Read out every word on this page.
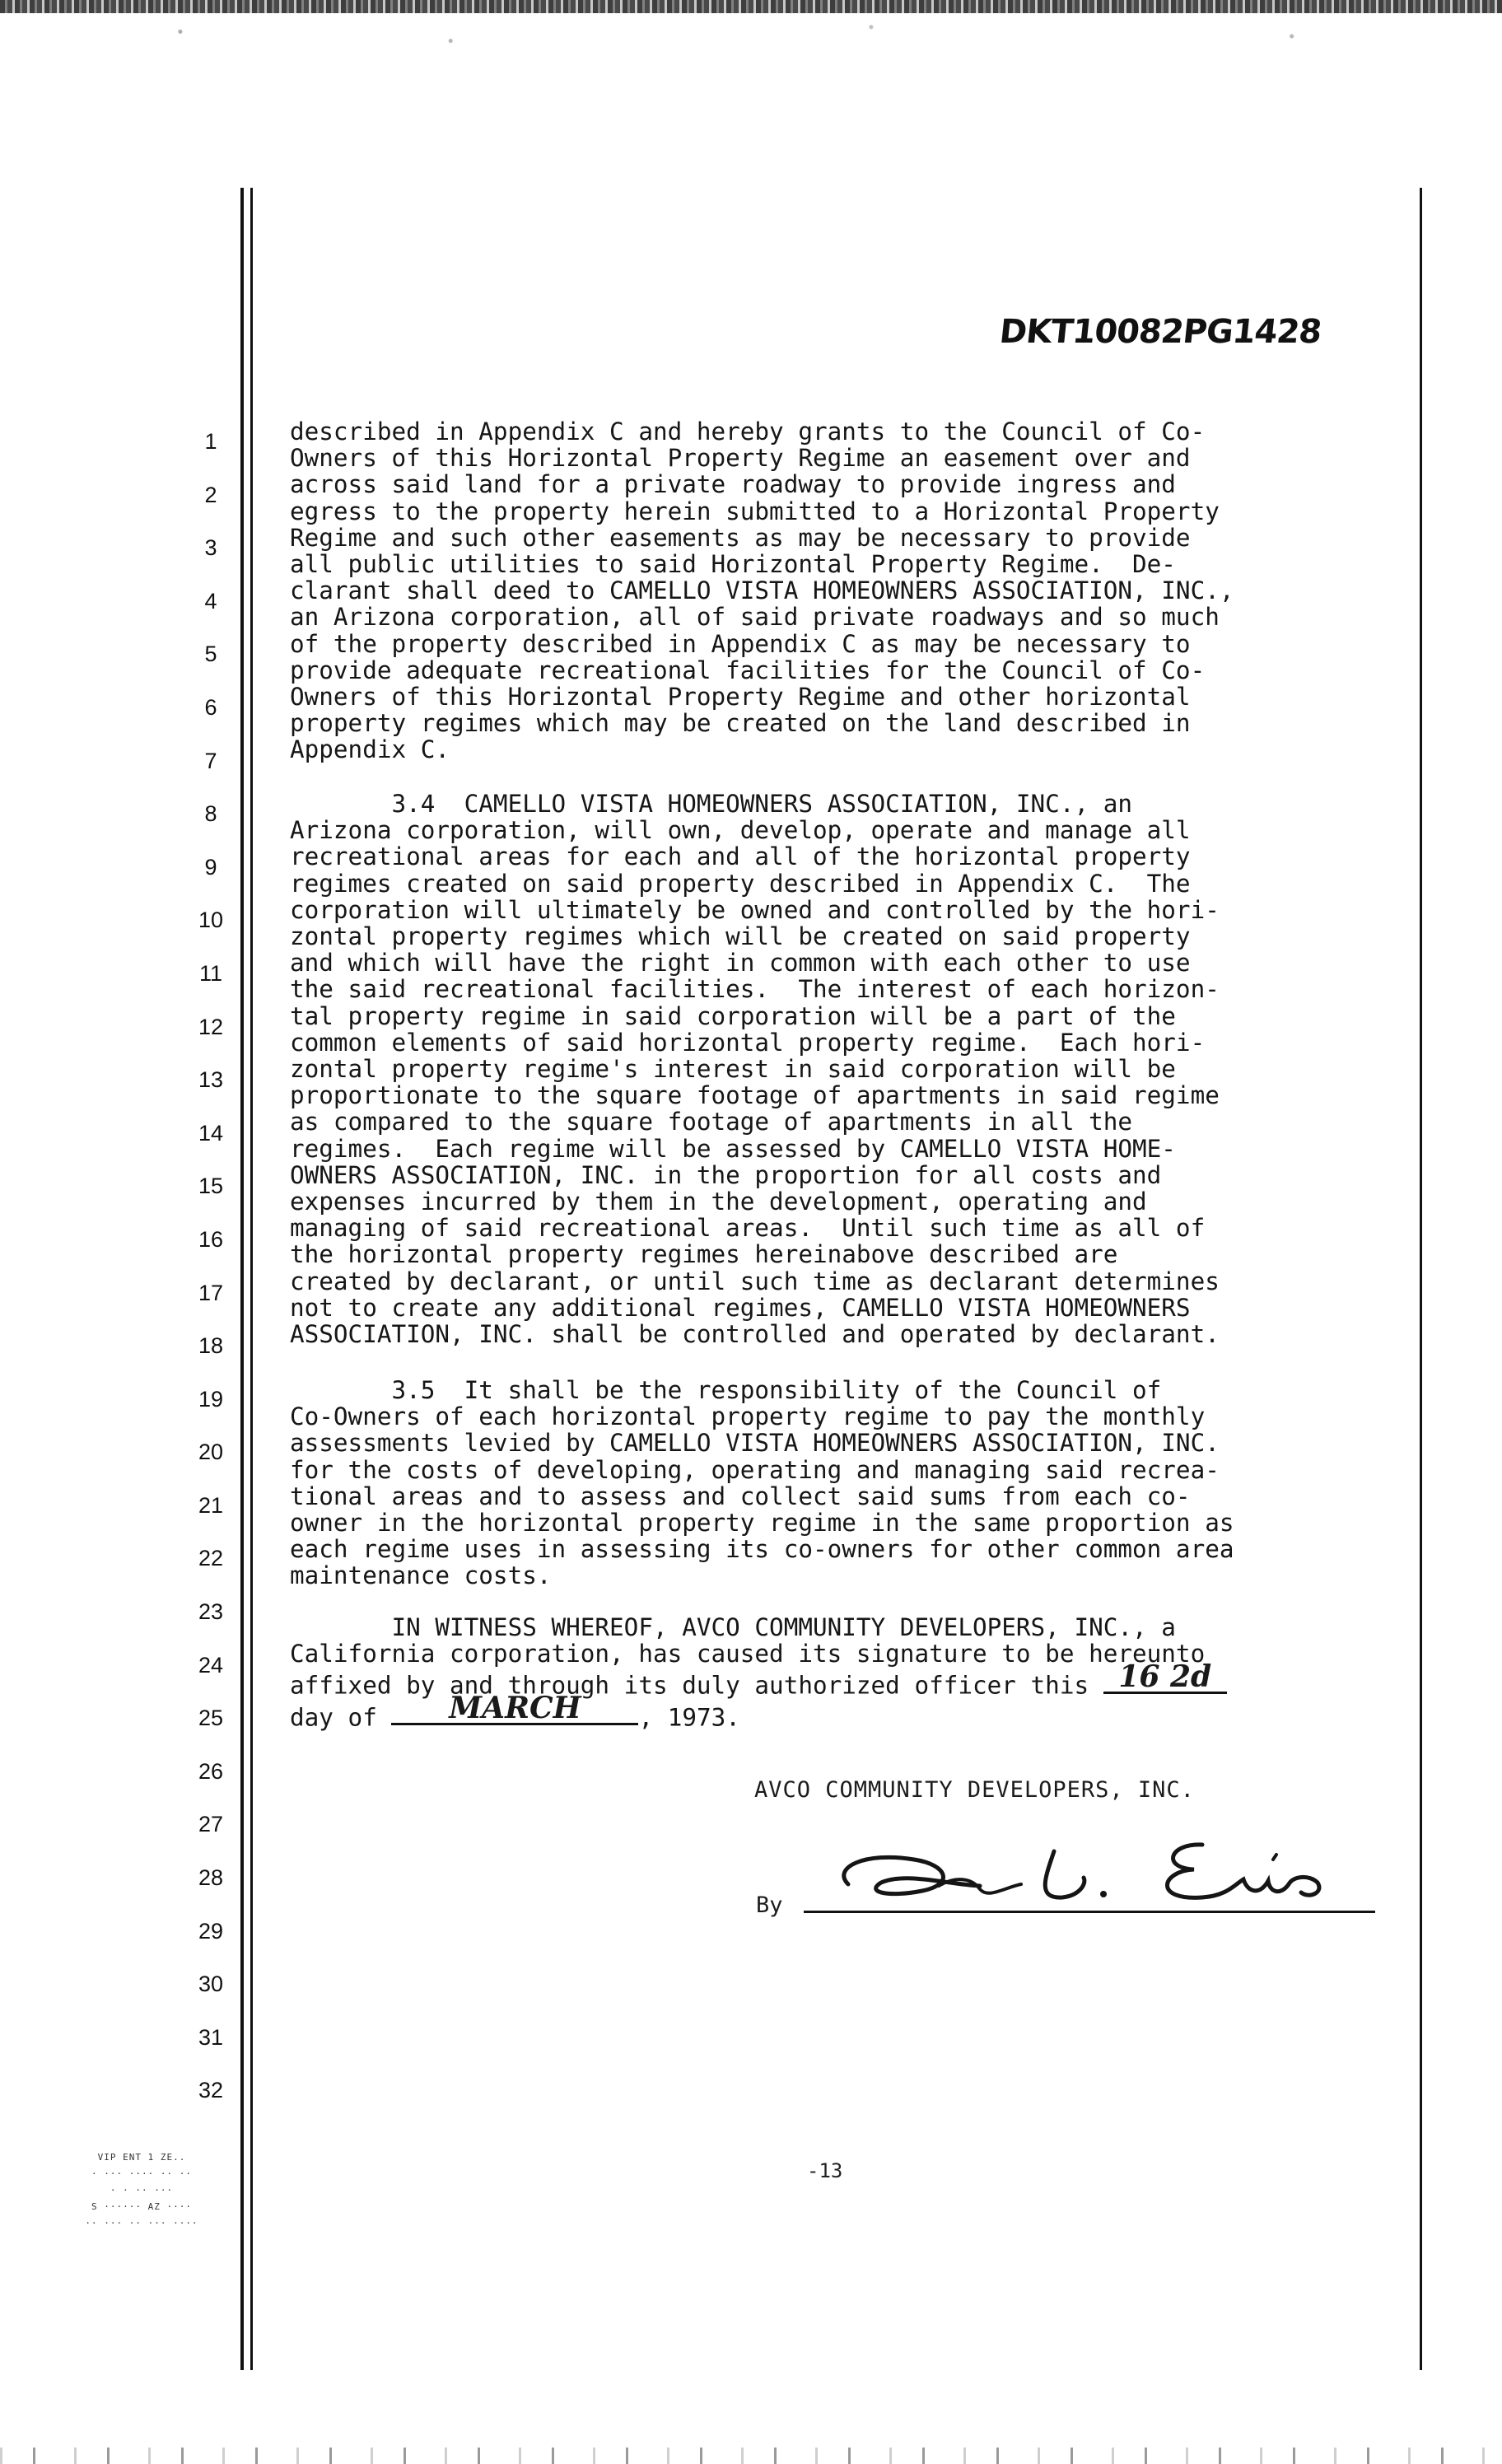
DKT10082PG1428
1
2
3
4
5
6
7
8
9
10
11
12
13
14
15
16
17
18
19
20
21
22
23
24
25
26
27
28
29
30
31
32
described in Appendix C and hereby grants to the Council of Co-
Owners of this Horizontal Property Regime an easement over and
across said land for a private roadway to provide ingress and
egress to the property herein submitted to a Horizontal Property
Regime and such other easements as may be necessary to provide
all public utilities to said Horizontal Property Regime.  De-
clarant shall deed to CAMELLO VISTA HOMEOWNERS ASSOCIATION, INC.,
an Arizona corporation, all of said private roadways and so much
of the property described in Appendix C as may be necessary to
provide adequate recreational facilities for the Council of Co-
Owners of this Horizontal Property Regime and other horizontal
property regimes which may be created on the land described in
Appendix C.
3.4  CAMELLO VISTA HOMEOWNERS ASSOCIATION, INC., an
Arizona corporation, will own, develop, operate and manage all
recreational areas for each and all of the horizontal property
regimes created on said property described in Appendix C.  The
corporation will ultimately be owned and controlled by the hori-
zontal property regimes which will be created on said property
and which will have the right in common with each other to use
the said recreational facilities.  The interest of each horizon-
tal property regime in said corporation will be a part of the
common elements of said horizontal property regime.  Each hori-
zontal property regime's interest in said corporation will be
proportionate to the square footage of apartments in said regime
as compared to the square footage of apartments in all the
regimes.  Each regime will be assessed by CAMELLO VISTA HOME-
OWNERS ASSOCIATION, INC. in the proportion for all costs and
expenses incurred by them in the development, operating and
managing of said recreational areas.  Until such time as all of
the horizontal property regimes hereinabove described are
created by declarant, or until such time as declarant determines
not to create any additional regimes, CAMELLO VISTA HOMEOWNERS
ASSOCIATION, INC. shall be controlled and operated by declarant.
3.5  It shall be the responsibility of the Council of
Co-Owners of each horizontal property regime to pay the monthly
assessments levied by CAMELLO VISTA HOMEOWNERS ASSOCIATION, INC.
for the costs of developing, operating and managing said recrea-
tional areas and to assess and collect said sums from each co-
owner in the horizontal property regime in the same proportion as
each regime uses in assessing its co-owners for other common area
maintenance costs.
IN WITNESS WHEREOF, AVCO COMMUNITY DEVELOPERS, INC., a
California corporation, has caused its signature to be hereunto
affixed by and through its duly authorized officer this	16 2d

day of	MARCH	, 1973.
AVCO COMMUNITY DEVELOPERS, INC.
By
-13
VIP ENT 1 ZE..
· ··· ···· ·· ··
· · ·· ···
S ······ AZ ····
·· ··· ·· ··· ····
